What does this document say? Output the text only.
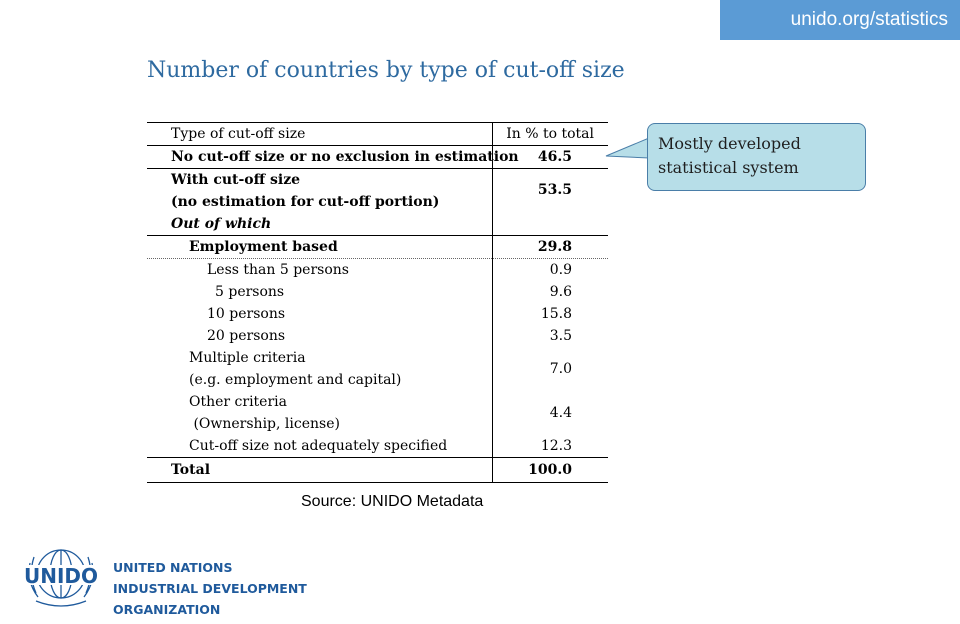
unido.org/statistics
Number of countries by type of cut-off size
Type of cut-off size	In % to total
No cut-off size or no exclusion in estimation	46.5

With cut-off size
(no estimation for cut-off portion)
Out of which	53.5
Employment based	29.8
Less than 5 persons	0.9
5 persons	9.6
10 persons	15.8
20 persons	3.5

Multiple criteria
(e.g. employment and capital)	7.0

Other criteria
(Ownership, license)	4.4
Cut-off size not adequately specified	12.3
Total	100.0
Mostly developed
statistical system
Source: UNIDO Metadata
UNIDO UNITED NATIONS
INDUSTRIAL DEVELOPMENT ORGANIZATION
